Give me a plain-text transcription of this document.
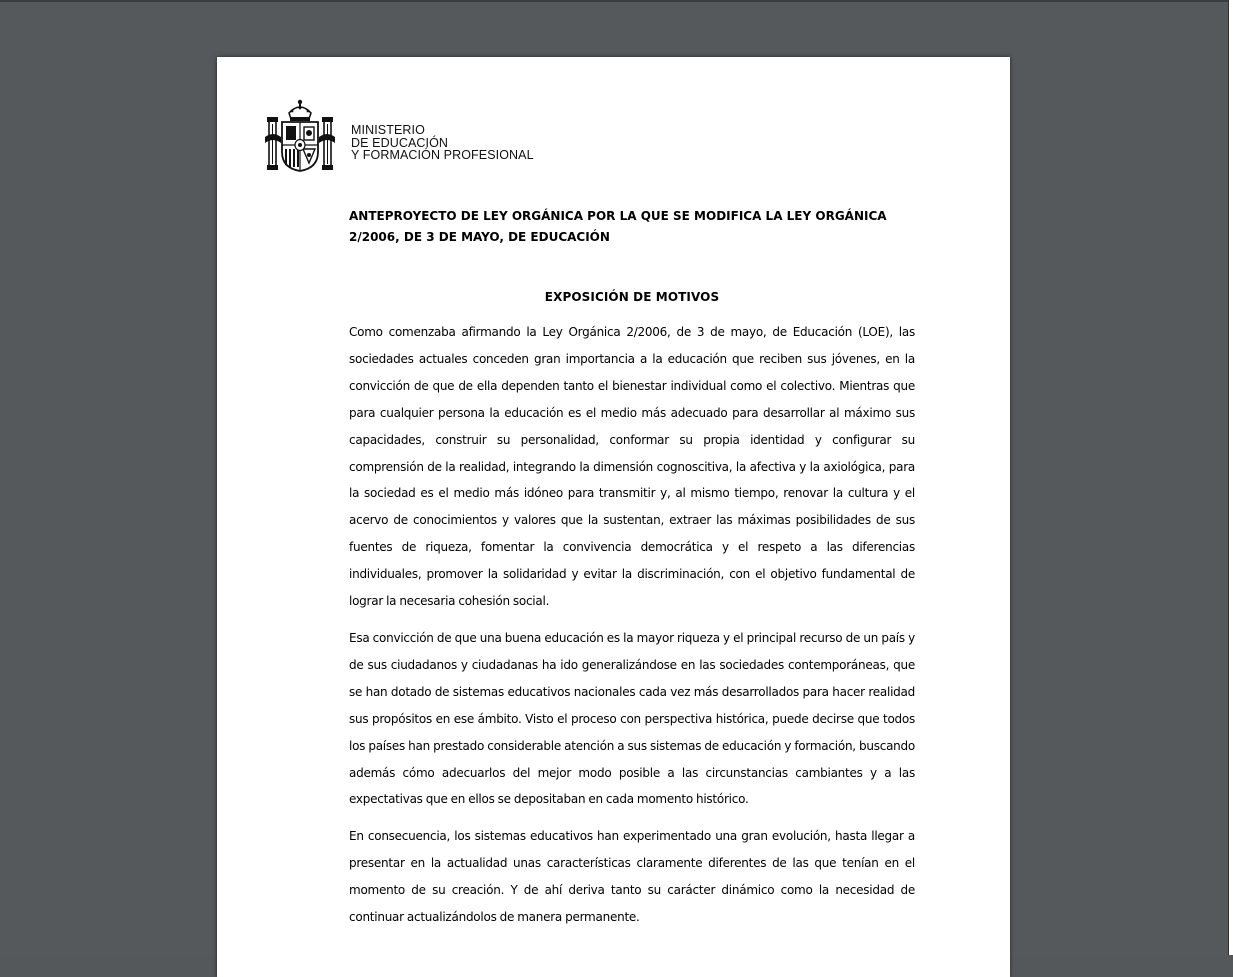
MINISTERIO
DE EDUCACIÓN
Y FORMACIÓN PROFESIONAL
ANTEPROYECTO DE LEY ORGÁNICA POR LA QUE SE MODIFICA LA LEY ORGÁNICA 2/2006, DE 3 DE MAYO, DE EDUCACIÓN
EXPOSICIÓN DE MOTIVOS

Como comenzaba afirmando la Ley Orgánica 2/2006, de 3 de mayo, de Educación (LOE), las sociedades actuales conceden gran importancia a la educación que reciben sus jóvenes, en la convicción de que de ella dependen tanto el bienestar individual como el colectivo. Mientras que para cualquier persona la educación es el medio más adecuado para desarrollar al máximo sus capacidades, construir su personalidad, conformar su propia identidad y configurar su comprensión de la realidad, integrando la dimensión cognoscitiva, la afectiva y la axiológica, para la sociedad es el medio más idóneo para transmitir y, al mismo tiempo, renovar la cultura y el acervo de conocimientos y valores que la sustentan, extraer las máximas posibilidades de sus fuentes de riqueza, fomentar la convivencia democrática y el respeto a las diferencias individuales, promover la solidaridad y evitar la discriminación, con el objetivo fundamental de lograr la necesaria cohesión social.

Esa convicción de que una buena educación es la mayor riqueza y el principal recurso de un país y de sus ciudadanos y ciudadanas ha ido generalizándose en las sociedades contemporáneas, que se han dotado de sistemas educativos nacionales cada vez más desarrollados para hacer realidad sus propósitos en ese ámbito. Visto el proceso con perspectiva histórica, puede decirse que todos los países han prestado considerable atención a sus sistemas de educación y formación, buscando además cómo adecuarlos del mejor modo posible a las circunstancias cambiantes y a las expectativas que en ellos se depositaban en cada momento histórico.

En consecuencia, los sistemas educativos han experimentado una gran evolución, hasta llegar a presentar en la actualidad unas características claramente diferentes de las que tenían en el momento de su creación. Y de ahí deriva tanto su carácter dinámico como la necesidad de continuar actualizándolos de manera permanente.
